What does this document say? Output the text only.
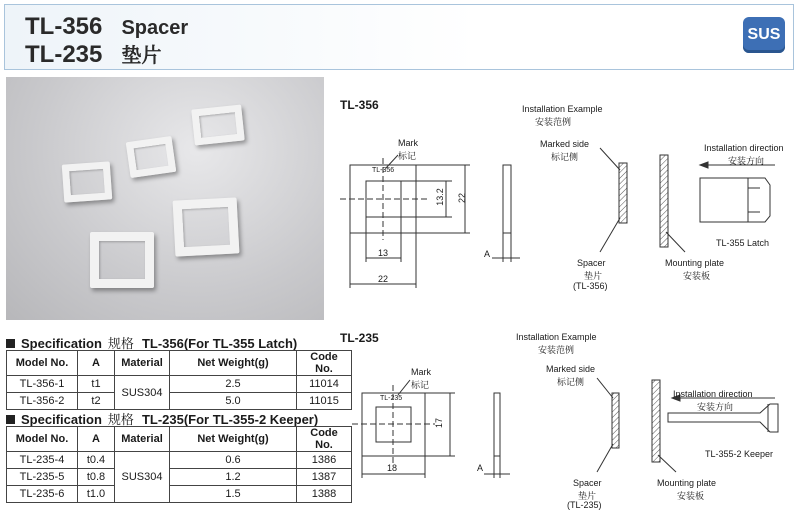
TL-356 Spacer
TL-235 垫片
SUS
Specification 规格 TL-356(For TL-355 Latch)
Model No.	A	Material	Net Weight(g)	Code No.
TL-356-1	t1	SUS304	2.5	11014
TL-356-2	t2		5.0	11015
Specification 规格 TL-235(For TL-355-2 Keeper)
Model No.	A	Material	Net Weight(g)	Code No.
TL-235-4	t0.4	SUS304	0.6	1386
TL-235-5	t0.8		1.2	1387
TL-235-6	t1.0		1.5	1388
TL-356
Mark
标记
TL-356
13.2 22
13
22
A
Installation Example
安装范例
Marked side
标记侧
Spacer
垫片
(TL-356)
Mounting plate
安装板
Installation direction
安装方向
TL-355 Latch
TL-235
Mark
标记
TL-235
17
18	A
Installation Example
安装范例
Marked side
标记侧
Spacer
垫片
(TL-235)
Mounting plate
安装板
Installation direction
安装方向
TL-355-2 Keeper
